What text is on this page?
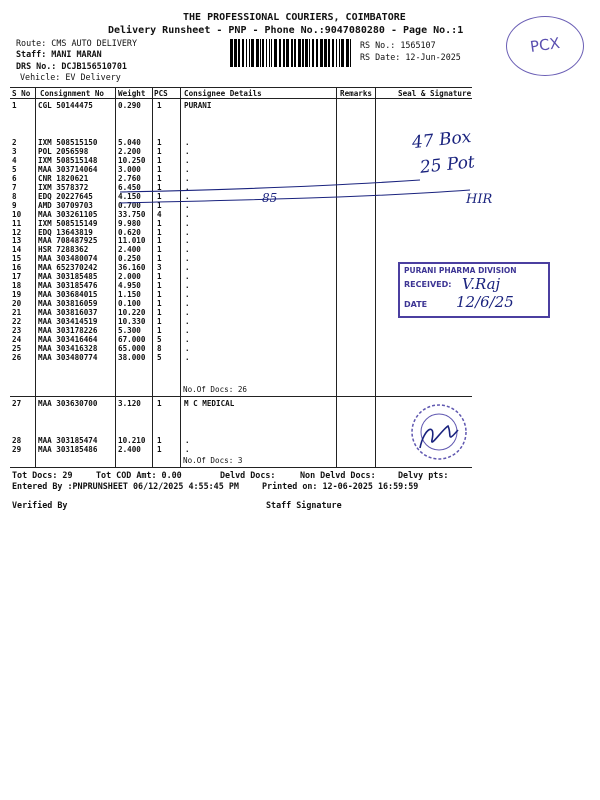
THE PROFESSIONAL COURIERS, COIMBATORE
Delivery Runsheet - PNP - Phone No.:9047080280 - Page No.:1
Route: CMS AUTO DELIVERY
Staff: MANI MARAN
DRS No.: DCJB156510701
Vehicle: EV Delivery
RS No.: 1565107
RS Date: 12-Jun-2025
PCX
S No Consignment No Weight PCS Consignee Details	Remarks	Seal & Signature
PURANI
1	CGL 50144475	0.290 1
2	IXM 508515150	5.040 1	.
3	POL 2056598	2.200 1	.
4	IXM 508515148	10.250 1	.
5	MAA 303714064	3.000 1	.
6	CNR 1820621	2.760 1	.
7	IXM 3578372	6.450 1	.
8	EDQ 20227645	4.150 1	.
9	AMD 30709703	0.700 1	.
10 MAA 303261105	33.750 4	.
11 IXM 508515149	9.980 1	.
12 EDQ 13643819	0.620 1	.
13 MAA 708487925	11.010 1	.
14 HSR 7288362	2.400 1	.
15 MAA 303480074	0.250 1	.
16 MAA 652370242	36.160 3	.
17 MAA 303185485	2.000 1	.
18 MAA 303185476	4.950 1	.
19 MAA 303684015	1.150 1	.
20 MAA 303816059	0.100 1	.
21 MAA 303816037	10.220 1	.
22 MAA 303414519	10.330 1	.
23 MAA 303178226	5.300 1	.
24 MAA 303416464	67.000 5	.
25 MAA 303416328	65.000 8	.
26 MAA 303480774	38.000 5	.
No.Of Docs: 26
M C MEDICAL
27 MAA 303630700	3.120 1
28 MAA 303185474	10.210 1	.
29 MAA 303185486	2.400 1	.
No.Of Docs: 3
Tot Docs: 29	Tot COD Amt: 0.00	Delvd Docs:	Non Delvd Docs:	Delvy pts:
Entered By :PNPRUNSHEET 06/12/2025 4:55:45 PM	Printed on: 12-06-2025 16:59:59
Verified By	Staff Signature
47 Box
25 Pot
85	HIR
PURANI PHARMA DIVISION
RECEIVED: V.Raj
DATE 12/6/25
